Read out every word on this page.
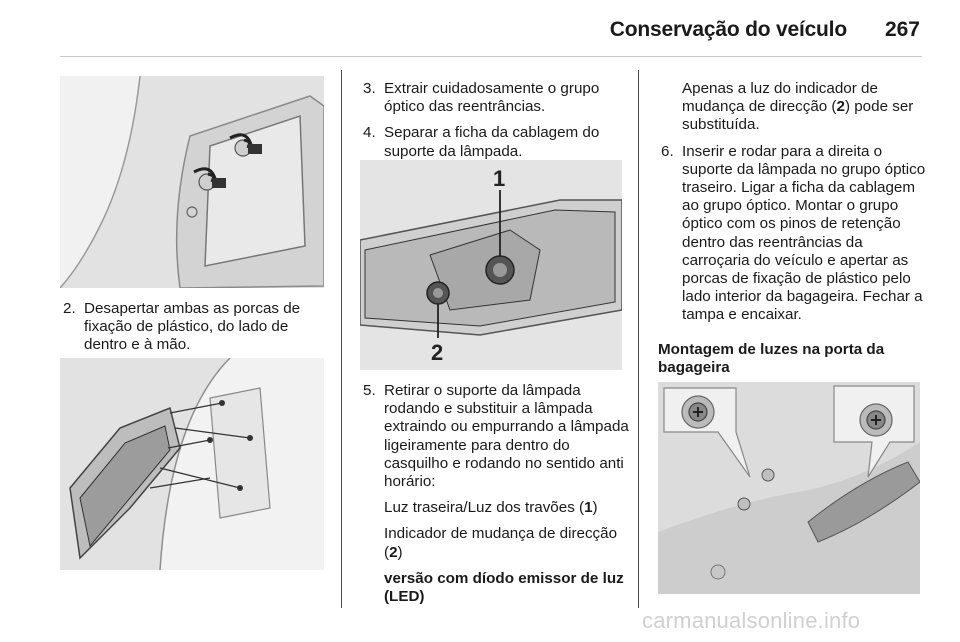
Conservação do veículo 267
2. Desapertar ambas as porcas de fixação de plástico, do lado de dentro e à mão.
3. Extrair cuidadosamente o grupo óptico das reentrâncias.
4. Separar a ficha da cablagem do suporte da lâmpada.
1
2
5. Retirar o suporte da lâmpada rodando e substituir a lâmpada extraindo ou empurrando a lâmpada ligeiramente para dentro do casquilho e rodando no sentido anti horário:

Luz traseira/Luz dos travões (1)

Indicador de mudança de direcção (2)

versão com díodo emissor de luz (LED)

Apenas a luz do indicador de mudança de direcção (2) pode ser substituída.

6. Inserir e rodar para a direita o suporte da lâmpada no grupo óptico traseiro. Ligar a ficha da cablagem ao grupo óptico. Montar o grupo óptico com os pinos de retenção dentro das reentrâncias da carroçaria do veículo e apertar as porcas de fixação de plástico pelo lado interior da bagageira. Fechar a tampa e encaixar.

Montagem de luzes na porta da bagageira

carmanualsonline.info
